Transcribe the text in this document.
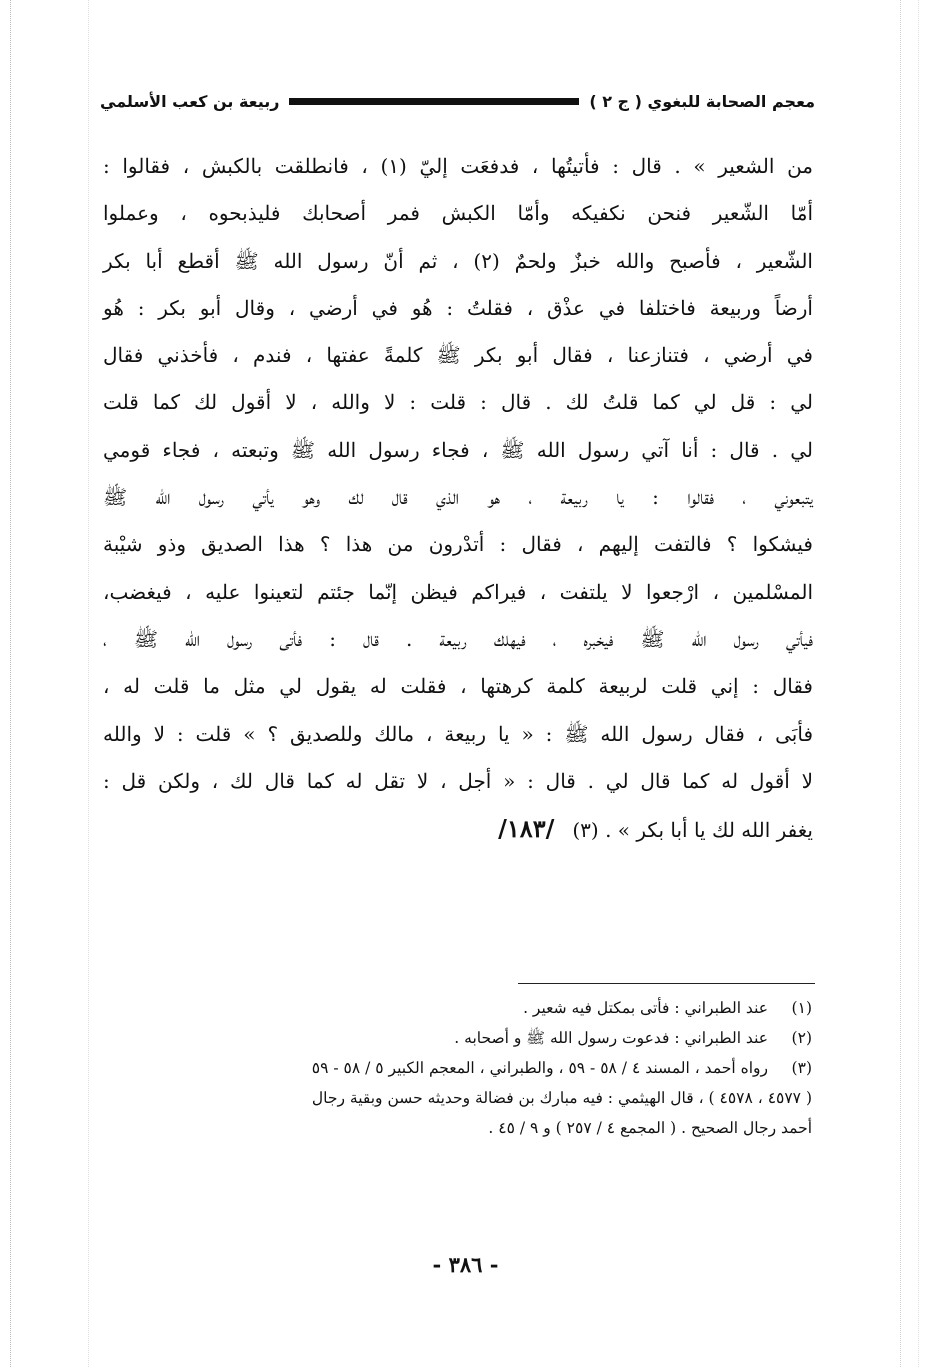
معجم الصحابة للبغوي ( ج ٢ )
ربيعة بن كعب الأسلمي
من الشعير » . قال : فأتيتُها ، فدفعَت إليّ (١) ، فانطلقت بالكبش ، فقالوا :
أمّا الشّعير فنحن نكفيكه وأمّا الكبش فمر أصحابك فليذبحوه ، وعملوا
الشّعير ، فأصبح والله خبزٌ ولحمٌ (٢) ، ثم أنّ رسول الله ﷺ أقطع أبا بكر
أرضاً وربيعة فاختلفا في عذْق ، فقلتُ : هُو في أرضي ، وقال أبو بكر : هُو
في أرضي ، فتنازعنا ، فقال أبو بكر ﷺ كلمةً عفتها ، فندم ، فأخذني فقال
لي : قل لي كما قلتُ لك . قال : قلت : لا والله ، لا أقول لك كما قلت
لي . قال : أنا آتي رسول الله ﷺ ، فجاء رسول الله ﷺ وتبعته ، فجاء قومي
يتبعوني ، فقالوا : يا ربيعة ، هو الذي قال لك وهو يأتي رسول الله ﷺ
فيشكوا ؟ فالتفت إليهم ، فقال : أتدْرون من هذا ؟ هذا الصديق وذو شيْبة
المسْلمين ، ارْجعوا لا يلتفت ، فيراكم فيظن إنّما جئتم لتعينوا عليه ، فيغضب،
فيأتي رسول الله ﷺ فيخبره ، فيهلك ربيعة . قال : فأتى رسول الله ﷺ ،
فقال : إني قلت لربيعة كلمة كرهتها ، فقلت له يقول لي مثل ما قلت له ،
فأبَى ، فقال رسول الله ﷺ : « يا ربيعة ، مالك وللصديق ؟ » قلت : لا والله
لا أقول له كما قال لي . قال : « أجل ، لا تقل له كما قال لك ، ولكن قل :
يغفر الله لك يا أبا بكر » . (٣)/١٨٣/
(١)
عند الطبراني : فأتى بمكتل فيه شعير .
(٢)
عند الطبراني : فدعوت رسول الله ﷺ و أصحابه .
(٣)
رواه أحمد ، المسند ٤ / ٥٨ - ٥٩ ، والطبراني ، المعجم الكبير ٥ / ٥٨ - ٥٩
( ٤٥٧٧ ، ٤٥٧٨ ) ، قال الهيثمي : فيه مبارك بن فضالة وحديثه حسن وبقية رجال
أحمد رجال الصحيح . ( المجمع ٤ / ٢٥٧ ) و ٩ / ٤٥ .
- ٣٨٦ -
